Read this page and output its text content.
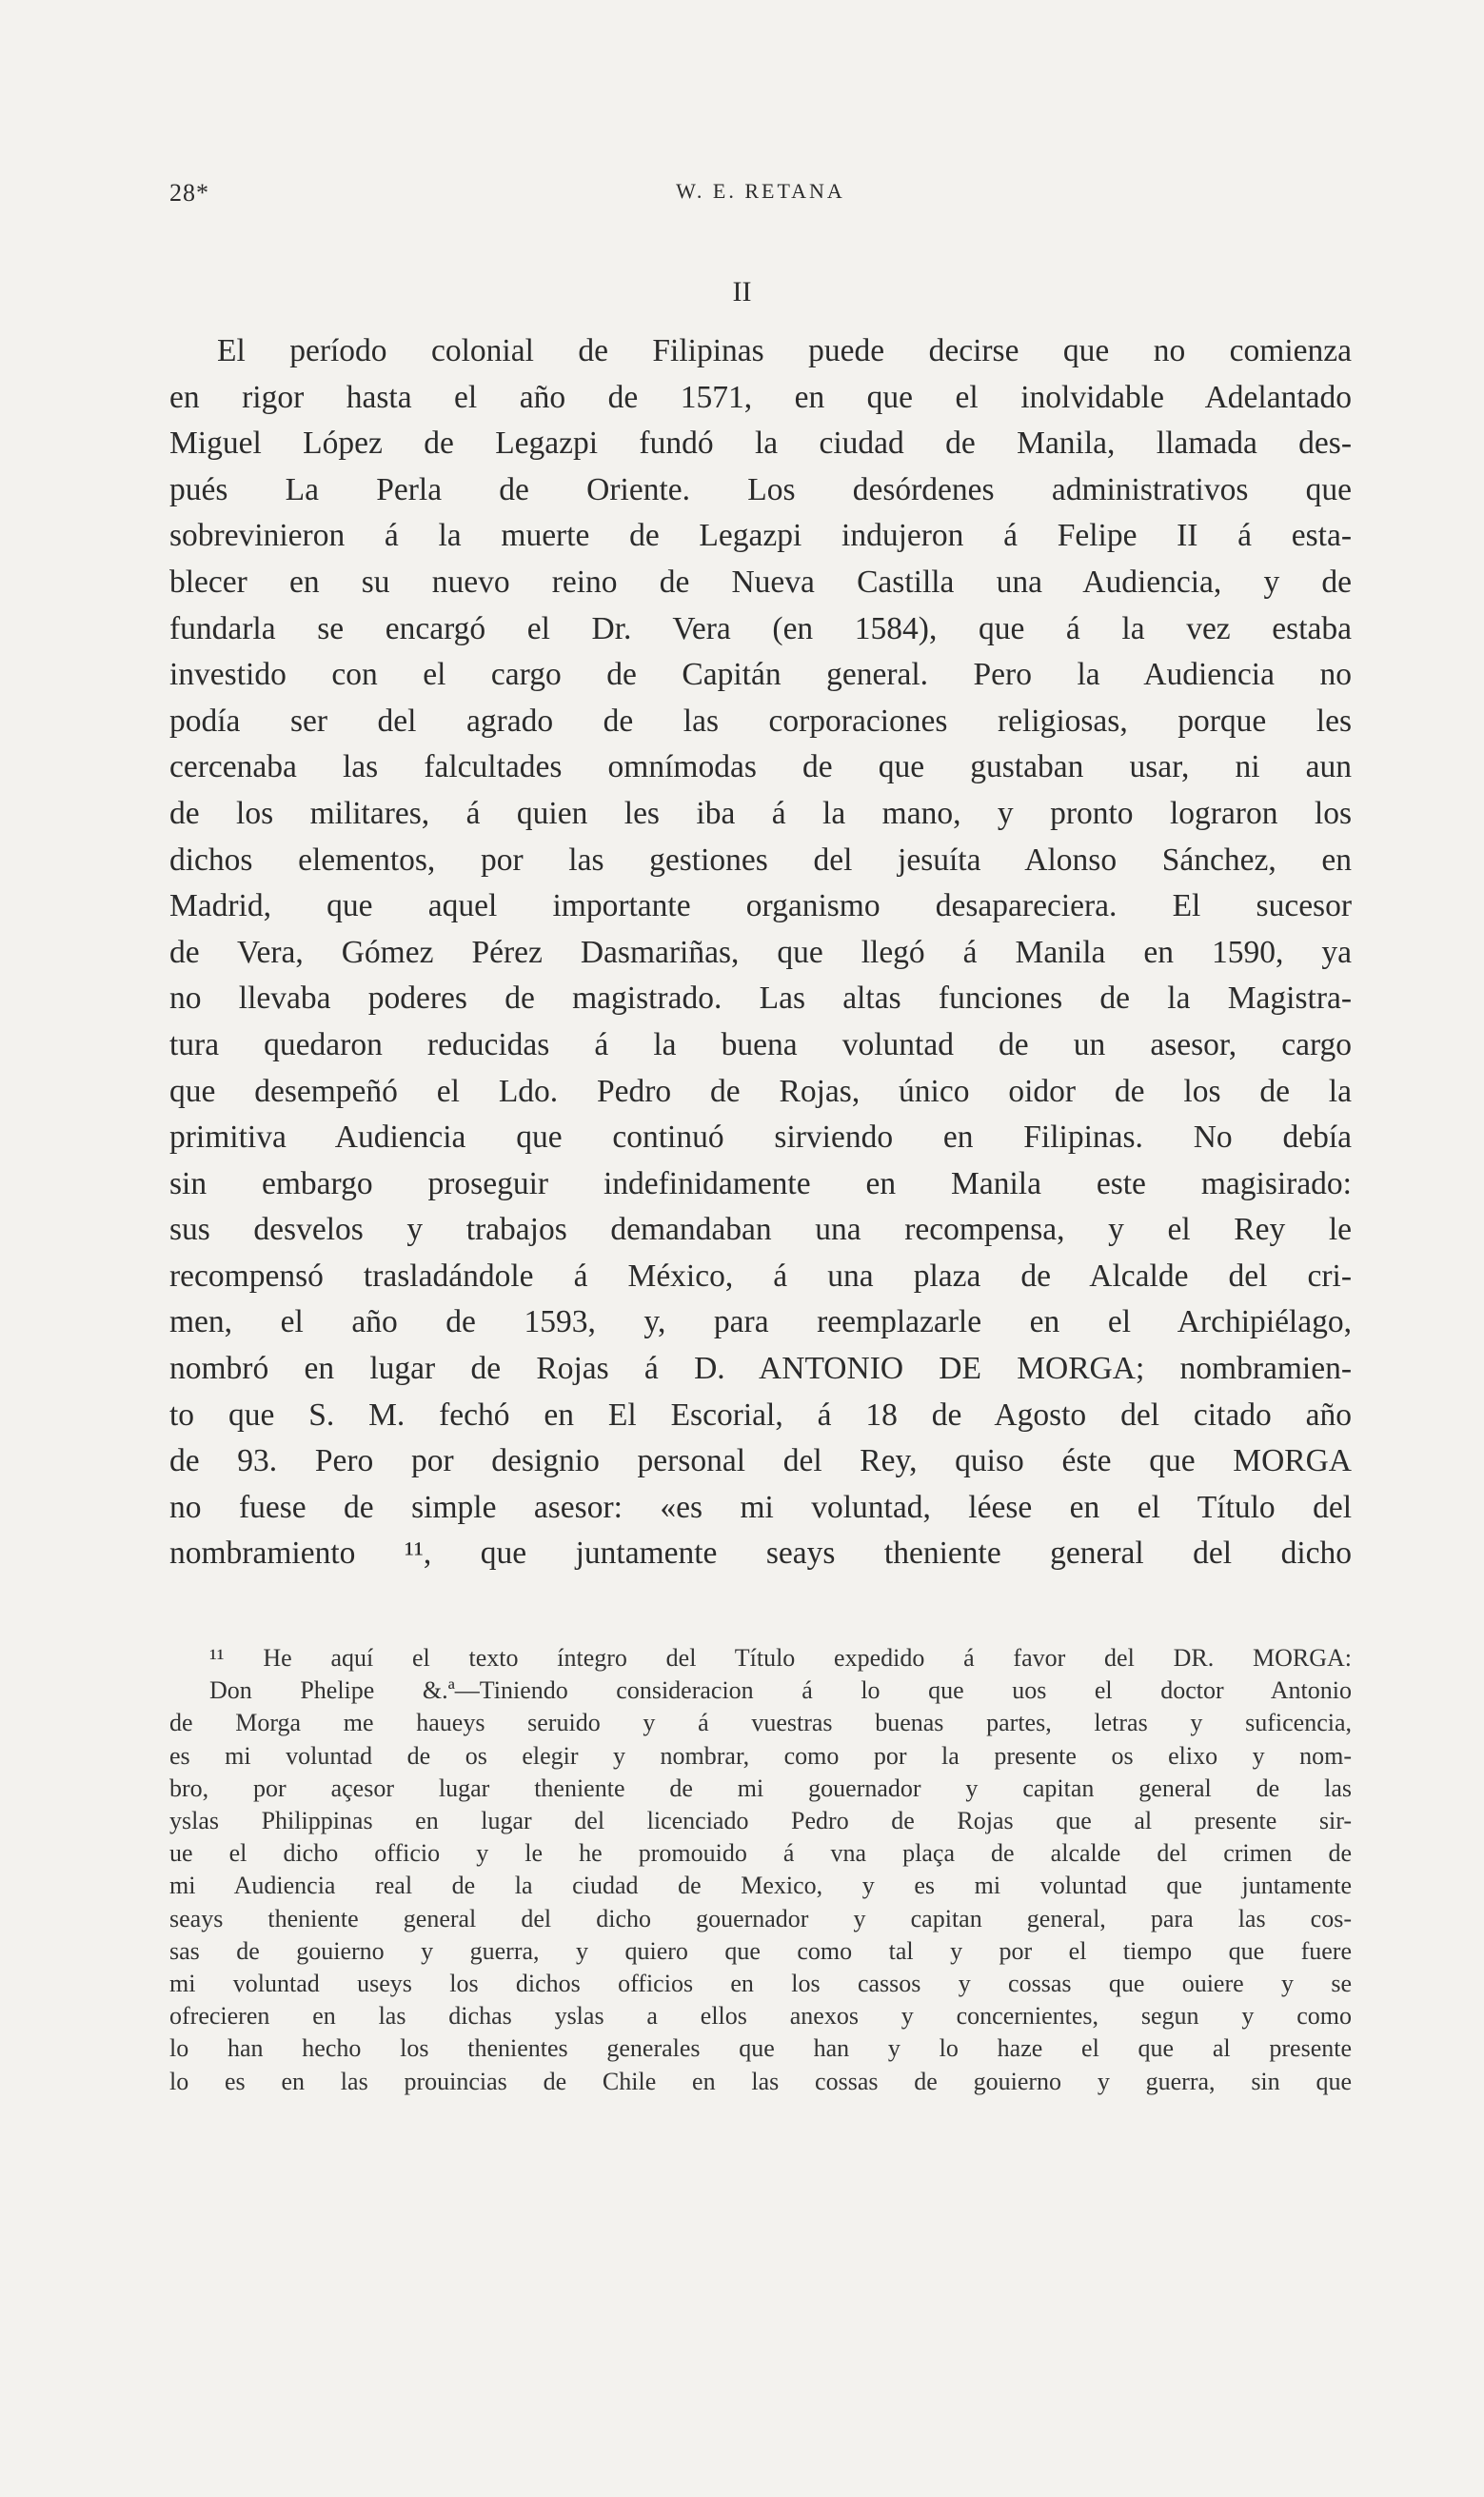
28*	W. E. RETANA
II
El período colonial de Filipinas puede decirse que no comienza
en rigor hasta el año de 1571, en que el inolvidable Adelantado
Miguel López de Legazpi fundó la ciudad de Manila, llamada des-
pués La Perla de Oriente. Los desórdenes administrativos que
sobrevinieron á la muerte de Legazpi indujeron á Felipe II á esta-
blecer en su nuevo reino de Nueva Castilla una Audiencia, y de
fundarla se encargó el Dr. Vera (en 1584), que á la vez estaba
investido con el cargo de Capitán general. Pero la Audiencia no
podía ser del agrado de las corporaciones religiosas, porque les
cercenaba las falcultades omnímodas de que gustaban usar, ni aun
de los militares, á quien les iba á la mano, y pronto lograron los
dichos elementos, por las gestiones del jesuíta Alonso Sánchez, en
Madrid, que aquel importante organismo desapareciera. El sucesor
de Vera, Gómez Pérez Dasmariñas, que llegó á Manila en 1590, ya
no llevaba poderes de magistrado. Las altas funciones de la Magistra-
tura quedaron reducidas á la buena voluntad de un asesor, cargo
que desempeñó el Ldo. Pedro de Rojas, único oidor de los de la
primitiva Audiencia que continuó sirviendo en Filipinas. No debía
sin embargo proseguir indefinidamente en Manila este magisirado:
sus desvelos y trabajos demandaban una recompensa, y el Rey le
recompensó trasladándole á México, á una plaza de Alcalde del cri-
men, el año de 1593, y, para reemplazarle en el Archipiélago,
nombró en lugar de Rojas á D. ANTONIO DE MORGA; nombramien-
to que S. M. fechó en El Escorial, á 18 de Agosto del citado año
de 93. Pero por designio personal del Rey, quiso éste que MORGA
no fuese de simple asesor: «es mi voluntad, léese en el Título del
nombramiento ¹¹, que juntamente seays theniente general del dicho
¹¹ He aquí el texto íntegro del Título expedido á favor del DR. MORGA:
Don Phelipe &.ª—Tiniendo consideracion á lo que uos el doctor Antonio
de Morga me haueys seruido y á vuestras buenas partes, letras y suficencia,
es mi voluntad de os elegir y nombrar, como por la presente os elixo y nom-
bro, por açesor lugar theniente de mi gouernador y capitan general de las
yslas Philippinas en lugar del licenciado Pedro de Rojas que al presente sir-
ue el dicho officio y le he promouido á vna plaça de alcalde del crimen de
mi Audiencia real de la ciudad de Mexico, y es mi voluntad que juntamente
seays theniente general del dicho gouernador y capitan general, para las cos-
sas de gouierno y guerra, y quiero que como tal y por el tiempo que fuere
mi voluntad useys los dichos officios en los cassos y cossas que ouiere y se
ofrecieren en las dichas yslas a ellos anexos y concernientes, segun y como
lo han hecho los thenientes generales que han y lo haze el que al presente
lo es en las prouincias de Chile en las cossas de gouierno y guerra, sin que
